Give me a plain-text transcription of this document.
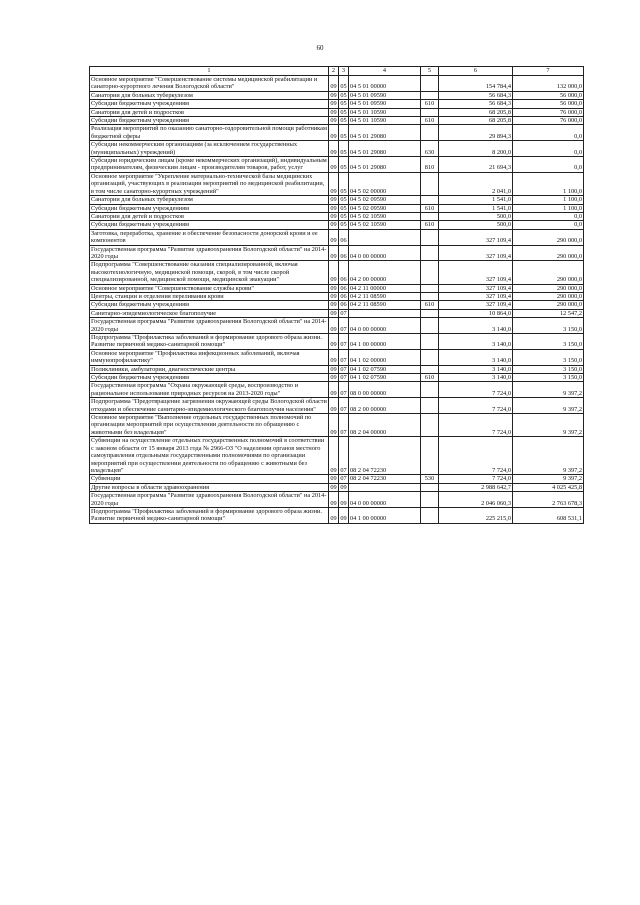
60
1	2	3	4	5	6	7
Основное мероприятие "Совершенствование системы медицинской реабилитации и санаторно-курортного лечения Вологодской области"	09	05	04 5 01 00000		154 784,4	132 000,0
Санатории для больных туберкулезом	09	05	04 5 01 09590		56 684,3	56 000,0
Субсидии бюджетным учреждениям	09	05	04 5 01 09590	610	56 684,3	56 000,0
Санатории для детей и подростков	09	05	04 5 01 10590		68 205,8	76 000,0
Субсидии бюджетным учреждениям	09	05	04 5 01 10590	610	68 205,8	76 000,0
Реализация мероприятий по оказанию санаторно-оздоровительной помощи работникам бюджетной сферы	09	05	04 5 01 29080		29 894,3	0,0
Субсидии некоммерческим организациям (за исключением государственных (муниципальных) учреждений)	09	05	04 5 01 29080	630	8 200,0	0,0
Субсидии юридическим лицам (кроме некоммерческих организаций), индивидуальным предпринимателям, физическим лицам - производителям товаров, работ, услуг	09	05	04 5 01 29080	810	21 694,3	0,0
Основное мероприятие "Укрепление материально-технической базы медицинских организаций, участвующих в реализации мероприятий по медицинской реабилитации, в том числе санаторно-курортных учреждений"	09	05	04 5 02 00000		2 041,0	1 100,0
Санатории для больных туберкулезом	09	05	04 5 02 09590		1 541,0	1 100,0
Субсидии бюджетным учреждениям	09	05	04 5 02 09590	610	1 541,0	1 100,0
Санатории для детей и подростков	09	05	04 5 02 10590		500,0	0,0
Субсидии бюджетным учреждениям	09	05	04 5 02 10590	610	500,0	0,0
Заготовка, переработка, хранение и обеспечение безопасности донорской крови и ее компонентов	09	06			327 109,4	290 000,0
Государственная программа "Развитие здравоохранения Вологодской области" на 2014-2020 годы	09	06	04 0 00 00000		327 109,4	290 000,0
Подпрограмма "Совершенствование оказания специализированной, включая высокотехнологичную, медицинской помощи, скорой, в том числе скорой специализированной, медицинской помощи, медицинской эвакуации"	09	06	04 2 00 00000		327 109,4	290 000,0
Основное мероприятие "Совершенствование службы крови"	09	06	04 2 11 00000		327 109,4	290 000,0
Центры, станции и отделения переливания крови	09	06	04 2 11 08590		327 109,4	290 000,0
Субсидии бюджетным учреждениям	09	06	04 2 11 08590	610	327 109,4	290 000,0
Санитарно-эпидемиологическое благополучие	09	07			10 864,0	12 547,2
Государственная программа "Развитие здравоохранения Вологодской области" на 2014-2020 годы	09	07	04 0 00 00000		3 140,0	3 150,0
Подпрограмма "Профилактика заболеваний и формирование здорового образа жизни. Развитие первичной медико-санитарной помощи"	09	07	04 1 00 00000		3 140,0	3 150,0
Основное мероприятие "Профилактика инфекционных заболеваний, включая иммунопрофилактику"	09	07	04 1 02 00000		3 140,0	3 150,0
Поликлиники, амбулатории, диагностические центры	09	07	04 1 02 07590		3 140,0	3 150,0
Субсидии бюджетным учреждениям	09	07	04 1 02 07590	610	3 140,0	3 150,0
Государственная программа "Охрана окружающей среды, воспроизводство и рациональное использование природных ресурсов на 2013-2020 годы"	09	07	08 0 00 00000		7 724,0	9 397,2
Подпрограмма "Предотвращение загрязнения окружающей среды Вологодской области отходами и обеспечение санитарно-эпидемиологического благополучия населения"	09	07	08 2 00 00000		7 724,0	9 397,2
Основное мероприятие "Выполнение отдельных государственных полномочий по организации мероприятий при осуществлении деятельности по обращению с животными без владельцев"	09	07	08 2 04 00000		7 724,0	9 397,2
Субвенции на осуществление отдельных государственных полномочий в соответствии с законом области от 15 января 2013 года № 2966-ОЗ "О наделении органов местного самоуправления отдельными государственными полномочиями по организации мероприятий при осуществлении деятельности по обращению с животными без владельцев"	09	07	08 2 04 72230		7 724,0	9 397,2
Субвенции	09	07	08 2 04 72230	530	7 724,0	9 397,2
Другие вопросы в области здравоохранения	09	09			2 988 642,7	4 025 425,8
Государственная программа "Развитие здравоохранения Вологодской области" на 2014-2020 годы	09	09	04 0 00 00000		2 046 060,3	2 763 678,3
Подпрограмма "Профилактика заболеваний и формирование здорового образа жизни. Развитие первичной медико-санитарной помощи"	09	09	04 1 00 00000		225 215,0	608 531,1
